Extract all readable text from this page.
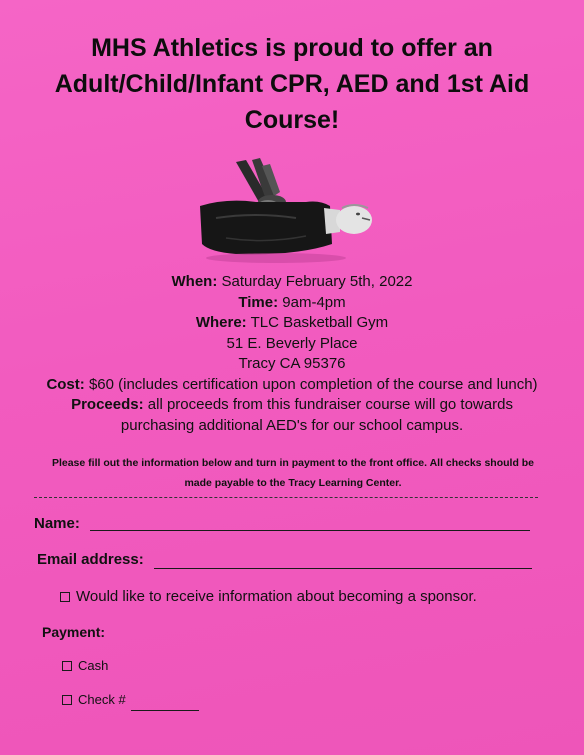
MHS Athletics is proud to offer an
Adult/Child/Infant CPR, AED and 1st Aid
Course!
When: Saturday February 5th, 2022
Time: 9am-4pm
Where: TLC Basketball Gym
51 E. Beverly Place
Tracy CA 95376
Cost: $60 (includes certification upon completion of the course and lunch)
Proceeds: all proceeds from this fundraiser course will go towards
purchasing additional AED's for our school campus.
Please fill out the information below and turn in payment to the front office. All checks should be
made payable to the Tracy Learning Center.
Name:
Email address:
Would like to receive information about becoming a sponsor.
Payment:
Cash
Check #
